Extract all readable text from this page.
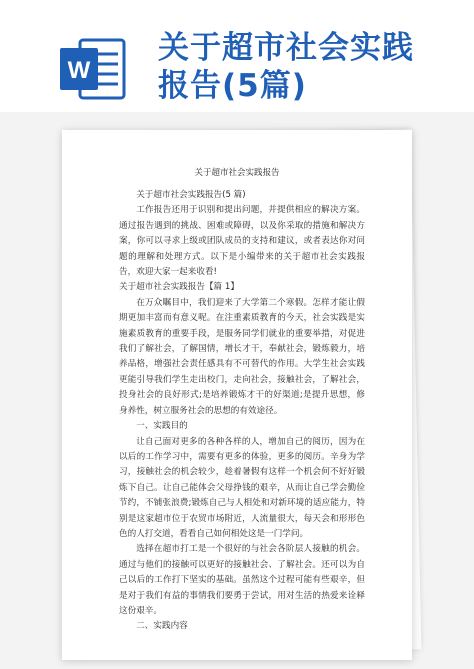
W
关于超市社会实践
报告(5篇)
关于超市社会实践报告

关于超市社会实践报告(5 篇)

工作报告还用于识别和提出问题，并提供相应的解决方案。通过报告遇到的挑战、困难或障碍，以及你采取的措施和解决方案，你可以寻求上级或团队成员的支持和建议，或者表达你对问题的理解和处理方式。以下是小编带来的关于超市社会实践报告，欢迎大家一起来收看!

关于超市社会实践报告【篇 1】

在万众瞩目中，我们迎来了大学第二个寒假。怎样才能让假期更加丰富而有意义呢。在注重素质教育的今天，社会实践是实施素质教育的重要手段，是服务同学们就业的重要举措，对促进我们了解社会，了解国情，增长才干，奉献社会，锻炼毅力，培养品格，增强社会责任感具有不可替代的作用。大学生社会实践更能引导我们学生走出校门，走向社会，接触社会，了解社会，投身社会的良好形式;是培养锻炼才干的好渠道;是提升思想，修身养性，树立服务社会的思想的有效途径。

一、实践目的

让自己面对更多的各种各样的人，增加自己的阅历，因为在以后的工作学习中，需要有更多的体验，更多的阅历。辛身为学习，接触社会的机会较少，趁着暑假有这样一个机会何不好好锻炼下自己。让自己能体会父母挣钱的艰辛，从而让自己学会勤俭节约，不铺张浪费;锻炼自己与人相处和对新环境的适应能力，特别是这家超市位于农贸市场附近，人流量很大，每天会和形形色色的人打交道，看看自己如何相处这是一门学问。

选择在超市打工是一个很好的与社会各阶层人接触的机会。通过与他们的接触可以更好的接触社会、了解社会。还可以为自己以后的工作打下坚实的基础。虽然这个过程可能有些艰辛，但是对于我们有益的事情我们要勇于尝试，用对生活的热爱来诠释这份艰辛。

二、实践内容
